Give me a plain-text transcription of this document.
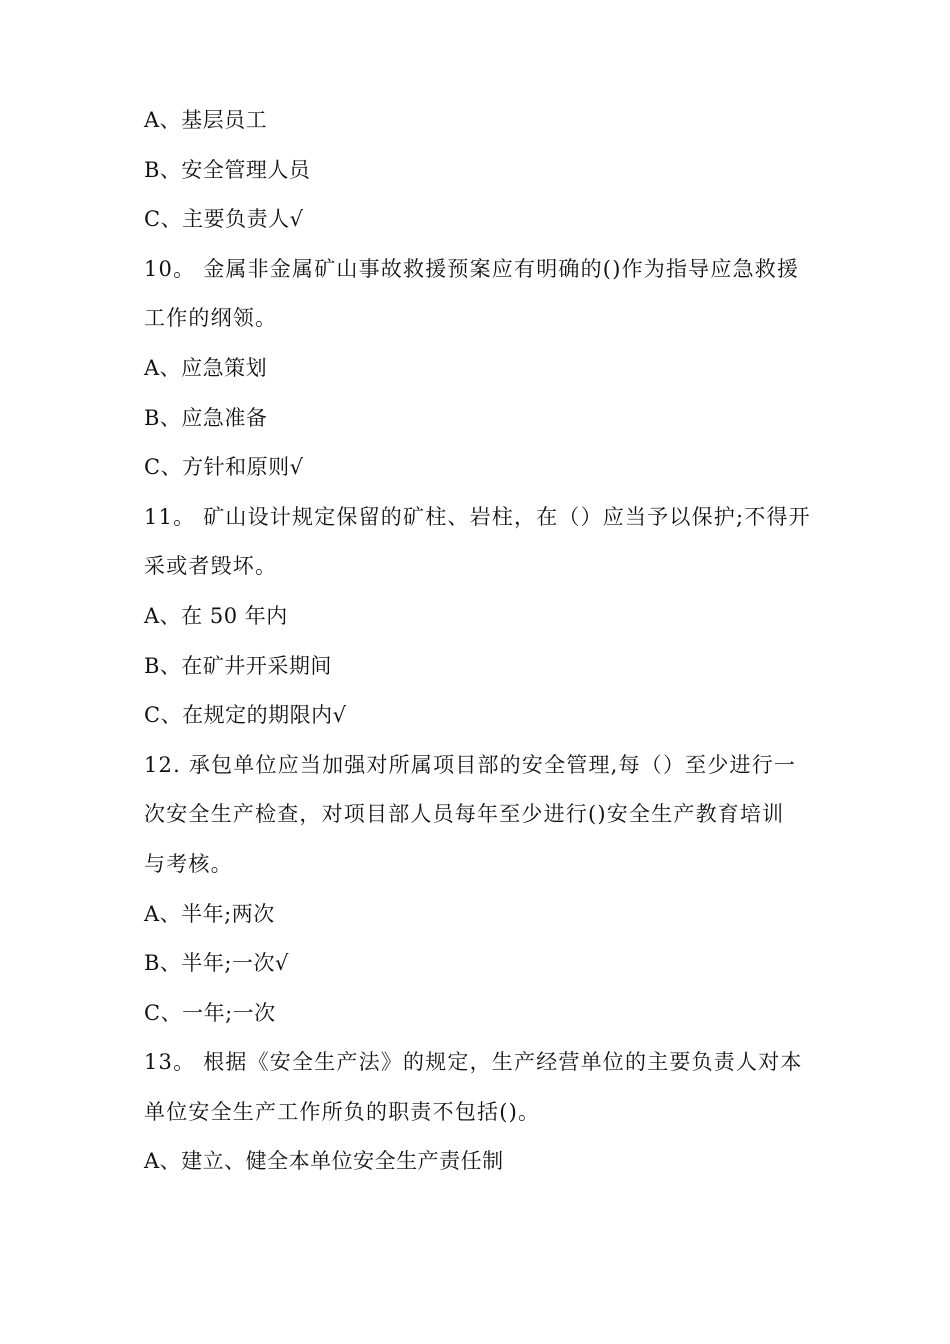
A、基层员工

B、安全管理人员

C、主要负责人√

10。 金属非金属矿山事故救援预案应有明确的()作为指导应急救援

工作的纲领。

A、应急策划

B、应急准备

C、方针和原则√

11。 矿山设计规定保留的矿柱、岩柱，在（）应当予以保护;不得开

采或者毁坏。

A、在 50 年内

B、在矿井开采期间

C、在规定的期限内√

12. 承包单位应当加强对所属项目部的安全管理,每（）至少进行一

次安全生产检查，对项目部人员每年至少进行()安全生产教育培训

与考核。

A、半年;两次

B、半年;一次√

C、一年;一次

13。 根据《安全生产法》的规定，生产经营单位的主要负责人对本

单位安全生产工作所负的职责不包括()。

A、建立、健全本单位安全生产责任制
